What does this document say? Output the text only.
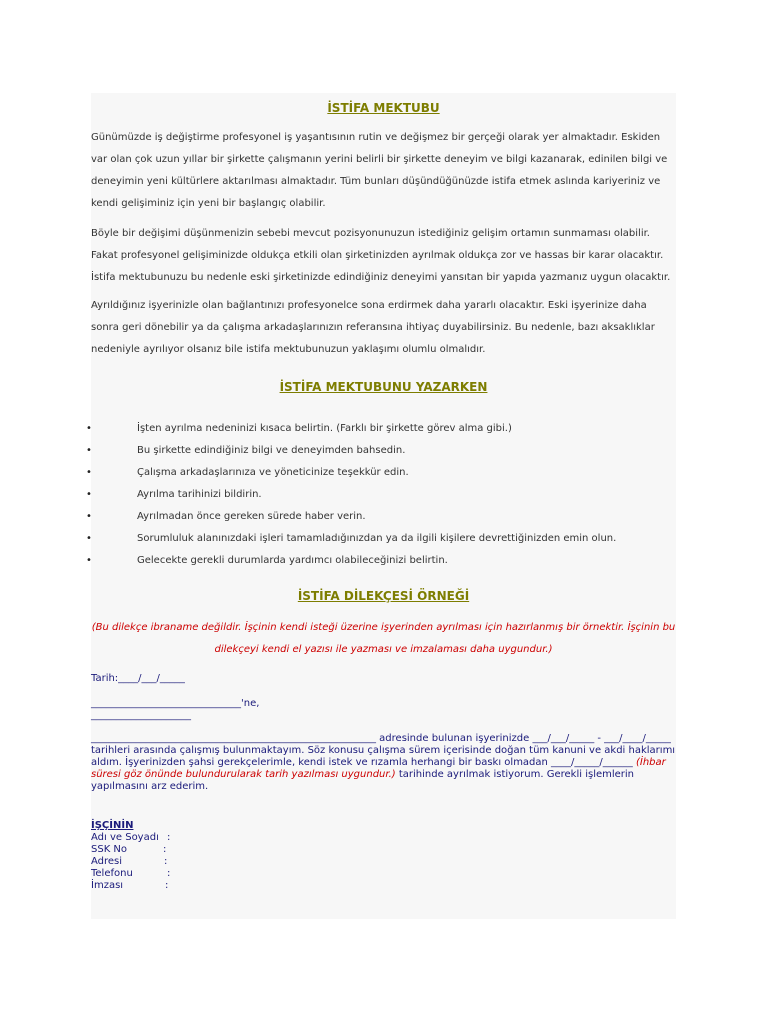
İSTİFA MEKTUBU

Günümüzde iş değiştirme profesyonel iş yaşantısının rutin ve değişmez bir gerçeği olarak yer almaktadır. Eskiden var olan çok uzun yıllar bir şirkette çalışmanın yerini belirli bir şirkette deneyim ve bilgi kazanarak, edinilen bilgi ve deneyimin yeni kültürlere aktarılması almaktadır. Tüm bunları düşündüğünüzde istifa etmek aslında kariyeriniz ve kendi gelişiminiz için yeni bir başlangıç olabilir.

Böyle bir değişimi düşünmenizin sebebi mevcut pozisyonunuzun istediğiniz gelişim ortamın sunmaması olabilir. Fakat profesyonel gelişiminizde oldukça etkili olan şirketinizden ayrılmak oldukça zor ve hassas bir karar olacaktır. İstifa mektubunuzu bu nedenle eski şirketinizde edindiğiniz deneyimi yansıtan bir yapıda yazmanız uygun olacaktır.

Ayrıldığınız işyerinizle olan bağlantınızı profesyonelce sona erdirmek daha yararlı olacaktır. Eski işyerinize daha sonra geri dönebilir ya da çalışma arkadaşlarınızın referansına ihtiyaç duyabilirsiniz. Bu nedenle, bazı aksaklıklar nedeniyle ayrılıyor olsanız bile istifa mektubunuzun yaklaşımı olumlu olmalıdır.

İSTİFA MEKTUBUNU YAZARKEN
•	İşten ayrılma nedeninizi kısaca belirtin. (Farklı bir şirkette görev alma gibi.)
•	Bu şirkette edindiğiniz bilgi ve deneyimden bahsedin.
•	Çalışma arkadaşlarınıza ve yöneticinize teşekkür edin.
•	Ayrılma tarihinizi bildirin.
•	Ayrılmadan önce gereken sürede haber verin.
•	Sorumluluk alanınızdaki işleri tamamladığınızdan ya da ilgili kişilere devrettiğinizden emin olun.
•	Gelecekte gerekli durumlarda yardımcı olabileceğinizi belirtin.
İSTİFA DİLEKÇESİ ÖRNEĞİ
(Bu dilekçe ibraname değildir. İşçinin kendi isteği üzerine işyerinden ayrılması için hazırlanmış bir örnektir. İşçinin bu dilekçeyi kendi el yazısı ile yazması ve imzalaması daha uygundur.)
Tarih:____/___/_____
______________________________'ne,
____________________

_________________________________________________________ adresinde bulunan işyerinizde ___/___/_____ - ___/____/_____ tarihleri arasında çalışmış bulunmaktayım. Söz konusu çalışma sürem içerisinde doğan tüm kanuni ve akdi haklarımı aldım. İşyerinizden şahsi gerekçelerimle, kendi istek ve rızamla herhangi bir baskı olmadan ____/_____/______ (İhbar süresi göz önünde bulundurularak tarih yazılması uygundur.) tarihinde ayrılmak istiyorum. Gerekli işlemlerin yapılmasını arz ederim.

İŞÇİNİN
Adı ve Soyadı :
SSK No	:
Adresi	:
Telefonu	:
İmzası	:
